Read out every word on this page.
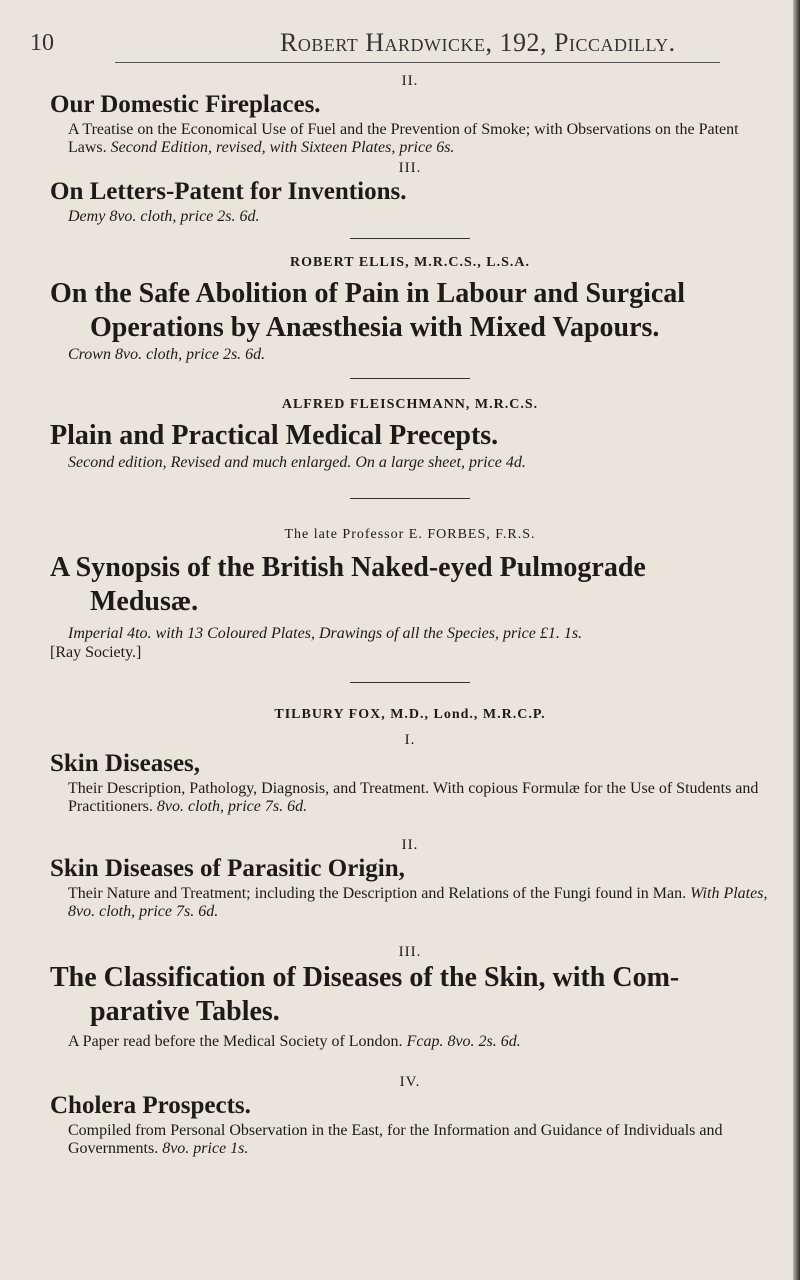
10	Robert Hardwicke, 192, Piccadilly.

II.

Our Domestic Fireplaces.

A Treatise on the Economical Use of Fuel and the Prevention of Smoke; with Observations on the Patent Laws. Second Edition, revised, with Sixteen Plates, price 6s.

III.

On Letters-Patent for Inventions.

Demy 8vo. cloth, price 2s. 6d.

ROBERT ELLIS, M.R.C.S., L.S.A.

On the Safe Abolition of Pain in Labour and Surgical
Operations by Anæsthesia with Mixed Vapours.

Crown 8vo. cloth, price 2s. 6d.

ALFRED FLEISCHMANN, M.R.C.S.

Plain and Practical Medical Precepts.

Second edition, Revised and much enlarged. On a large sheet, price 4d.

The late Professor E. FORBES, F.R.S.

A Synopsis of the British Naked-eyed Pulmograde
Medusæ.

Imperial 4to. with 13 Coloured Plates, Drawings of all the Species, price £1. 1s.

[Ray Society.]

TILBURY FOX, M.D., Lond., M.R.C.P.

I.

Skin Diseases,

Their Description, Pathology, Diagnosis, and Treatment. With copious Formulæ for the Use of Students and Practitioners. 8vo. cloth, price 7s. 6d.

II.

Skin Diseases of Parasitic Origin,

Their Nature and Treatment; including the Description and Relations of the Fungi found in Man. With Plates, 8vo. cloth, price 7s. 6d.

III.

The Classification of Diseases of the Skin, with Com-
parative Tables.

A Paper read before the Medical Society of London. Fcap. 8vo. 2s. 6d.

IV.

Cholera Prospects.

Compiled from Personal Observation in the East, for the Information and Guidance of Individuals and Governments. 8vo. price 1s.
